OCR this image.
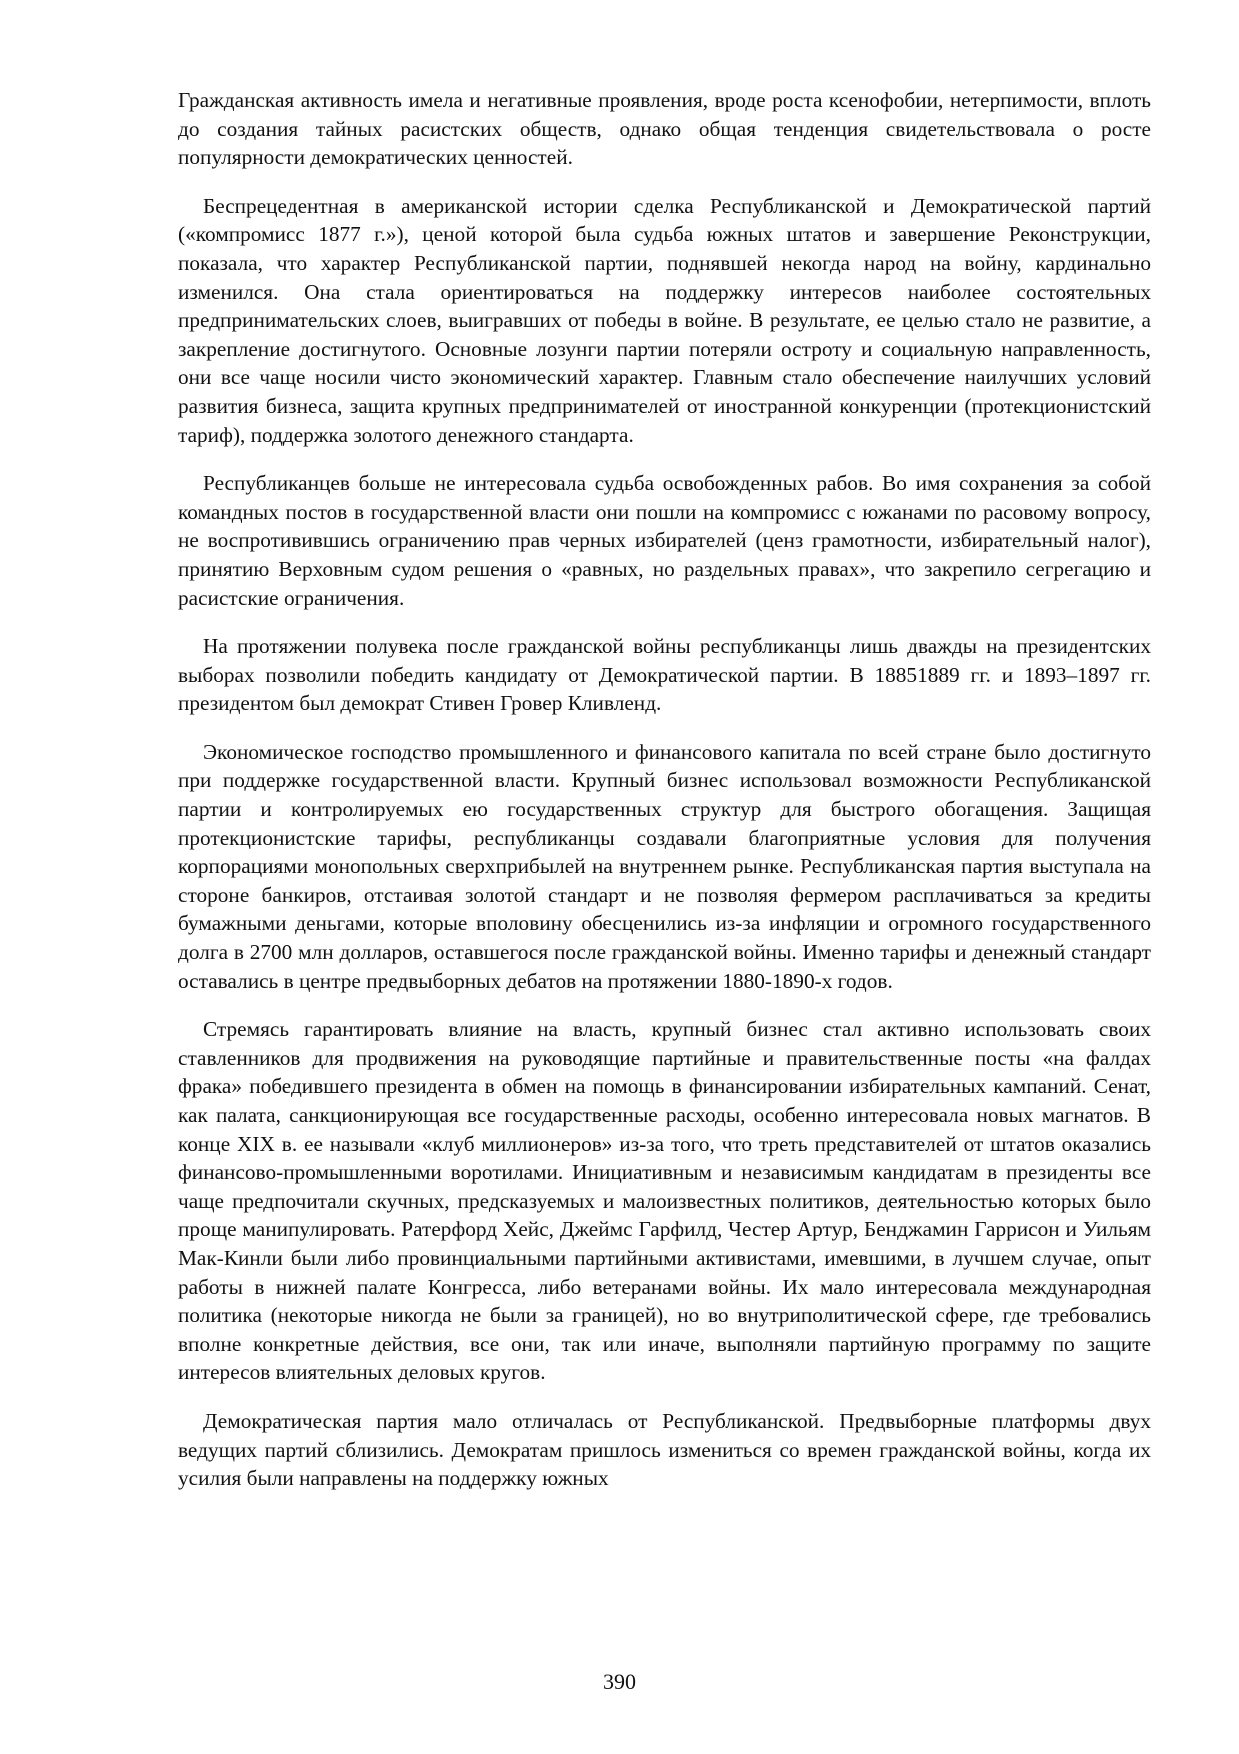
Гражданская активность имела и негативные проявления, вроде роста ксенофобии, нетерпимости, вплоть до создания тайных расистских обществ, однако общая тенденция свидетельствовала о росте популярности демократических ценностей.

Беспрецедентная в американской истории сделка Республиканской и Демократической партий («компромисс 1877 г.»), ценой которой была судьба южных штатов и завершение Реконструкции, показала, что характер Республиканской партии, поднявшей некогда народ на войну, кардинально изменился. Она стала ориентироваться на поддержку интересов наиболее состоятельных предпринимательских слоев, выигравших от победы в войне. В результате, ее целью стало не развитие, а закрепление достигнутого. Основные лозунги партии потеряли остроту и социальную направленность, они все чаще носили чисто экономический характер. Главным стало обеспечение наилучших условий развития бизнеса, защита крупных предпринимателей от иностранной конкуренции (протекционистский тариф), поддержка золотого денежного стандарта.

Республиканцев больше не интересовала судьба освобожденных рабов. Во имя сохранения за собой командных постов в государственной власти они пошли на компромисс с южанами по расовому вопросу, не воспротивившись ограничению прав черных избирателей (ценз грамотности, избирательный налог), принятию Верховным судом решения о «равных, но раздельных правах», что закрепило сегрегацию и расистские ограничения.

На протяжении полувека после гражданской войны республиканцы лишь дважды на президентских выборах позволили победить кандидату от Демократической партии. В 18851889 гг. и 1893–1897 гг. президентом был демократ Стивен Гровер Кливленд.

Экономическое господство промышленного и финансового капитала по всей стране было достигнуто при поддержке государственной власти. Крупный бизнес использовал возможности Республиканской партии и контролируемых ею государственных структур для быстрого обогащения. Защищая протекционистские тарифы, республиканцы создавали благоприятные условия для получения корпорациями монопольных сверхприбылей на внутреннем рынке. Республиканская партия выступала на стороне банкиров, отстаивая золотой стандарт и не позволяя фермером расплачиваться за кредиты бумажными деньгами, которые вполовину обесценились из-за инфляции и огромного государственного долга в 2700 млн долларов, оставшегося после гражданской войны. Именно тарифы и денежный стандарт оставались в центре предвыборных дебатов на протяжении 1880-1890-х годов.

Стремясь гарантировать влияние на власть, крупный бизнес стал активно использовать своих ставленников для продвижения на руководящие партийные и правительственные посты «на фалдах фрака» победившего президента в обмен на помощь в финансировании избирательных кампаний. Сенат, как палата, санкционирующая все государственные расходы, особенно интересовала новых магнатов. В конце XIX в. ее называли «клуб миллионеров» из-за того, что треть представителей от штатов оказались финансово-промышленными воротилами. Инициативным и независимым кандидатам в президенты все чаще предпочитали скучных, предсказуемых и малоизвестных политиков, деятельностью которых было проще манипулировать. Ратерфорд Хейс, Джеймс Гарфилд, Честер Артур, Бенджамин Гаррисон и Уильям Мак-Кинли были либо провинциальными партийными активистами, имевшими, в лучшем случае, опыт работы в нижней палате Конгресса, либо ветеранами войны. Их мало интересовала международная политика (некоторые никогда не были за границей), но во внутриполитической сфере, где требовались вполне конкретные действия, все они, так или иначе, выполняли партийную программу по защите интересов влиятельных деловых кругов.

Демократическая партия мало отличалась от Республиканской. Предвыборные платформы двух ведущих партий сблизились. Демократам пришлось измениться со времен гражданской войны, когда их усилия были направлены на поддержку южных

390
